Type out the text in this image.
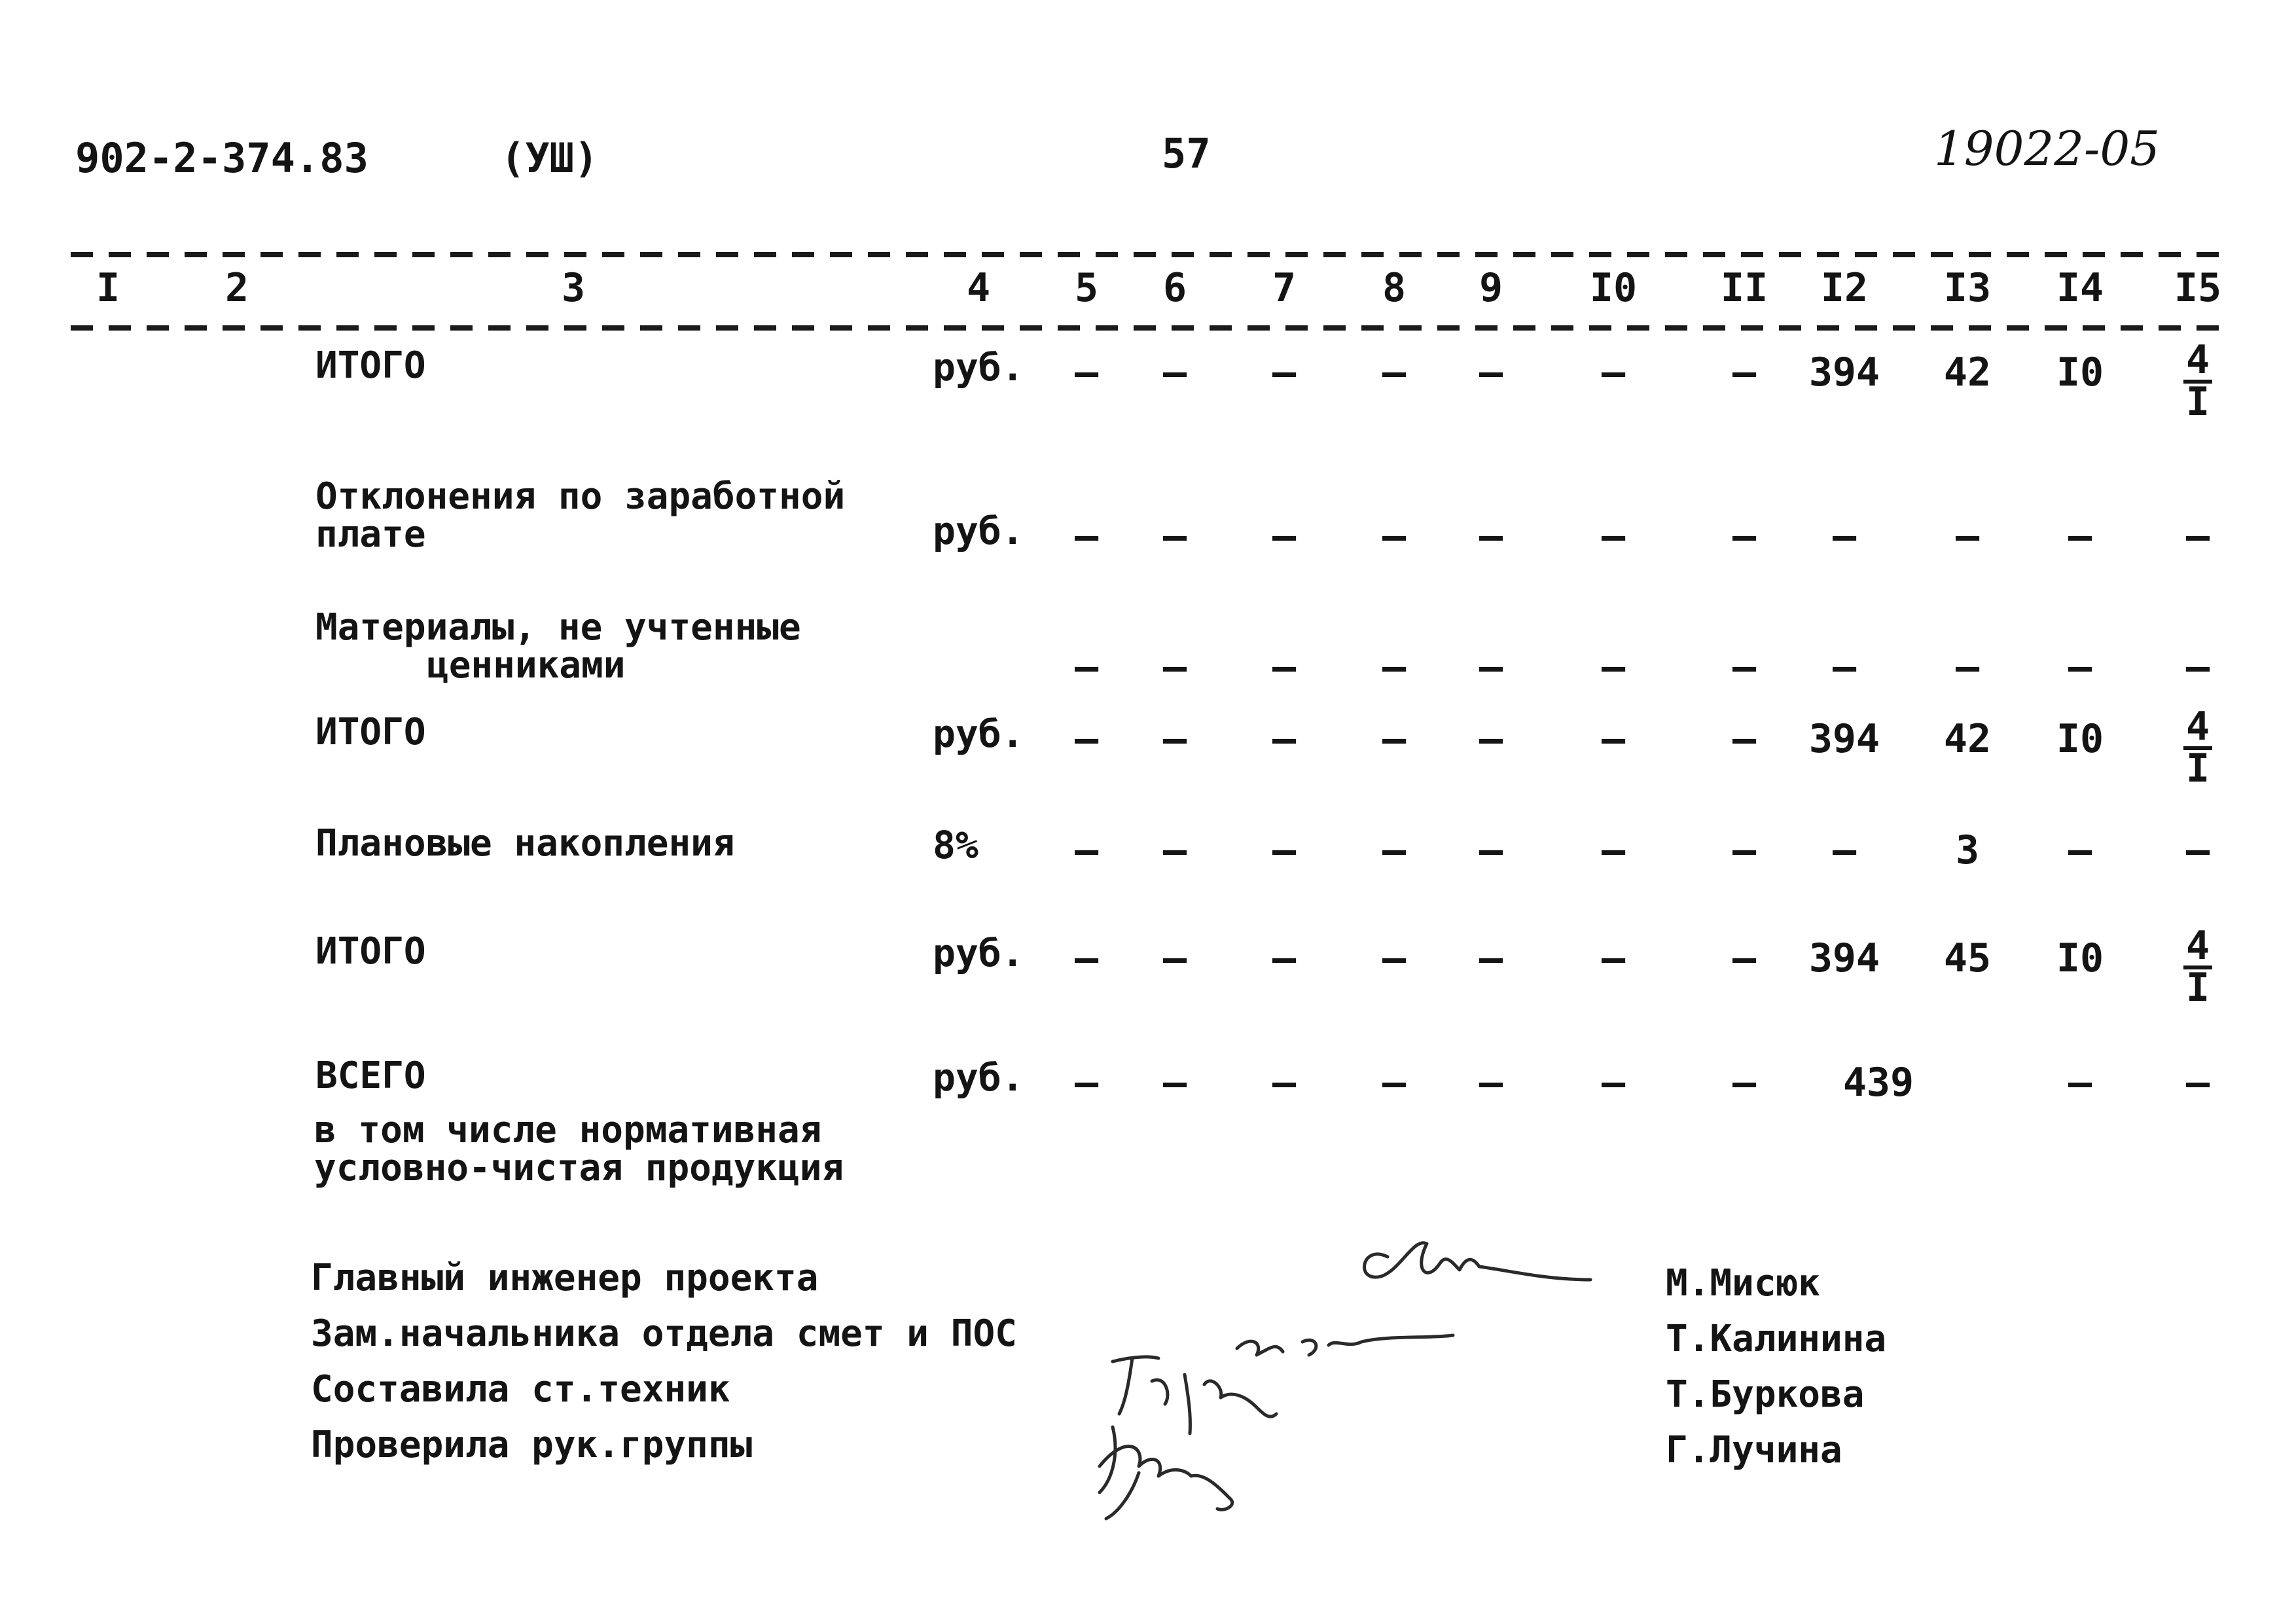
902-2-374.83	(УШ)	57	19022-05
I	2	3	4 5 6 7 8 9 I0 II I2 I3 I4 I5
ИТОГО	руб. – – – – –	–	– 394 42 $I0 \frac{4}{I}$
Отклонения по заработной
плате	руб. – – – – –	–	– –	– – –
Материалы, не учтенные
ценниками	– – – – –	–	– –	– – –
ИТОГО	руб. – – – – –	–	– 394 42 $I0 \frac{4}{I}$
Плановые накопления	8% – – – – –	–	– –	3 – –
ИТОГО	руб. – – – – –	–	– 394 45 $I0 \frac{4}{I}$
ВСЕГО	руб. – – – – –	–	– 439	– –
в том числе нормативная
условно-чистая продукция
Главный инженер проекта	М.Мисюк
Зам.начальника отдела смет и ПОС	Т.Калинина
Составила ст.техник	Т.Буркова
Проверила рук.группы	Г.Лучина
